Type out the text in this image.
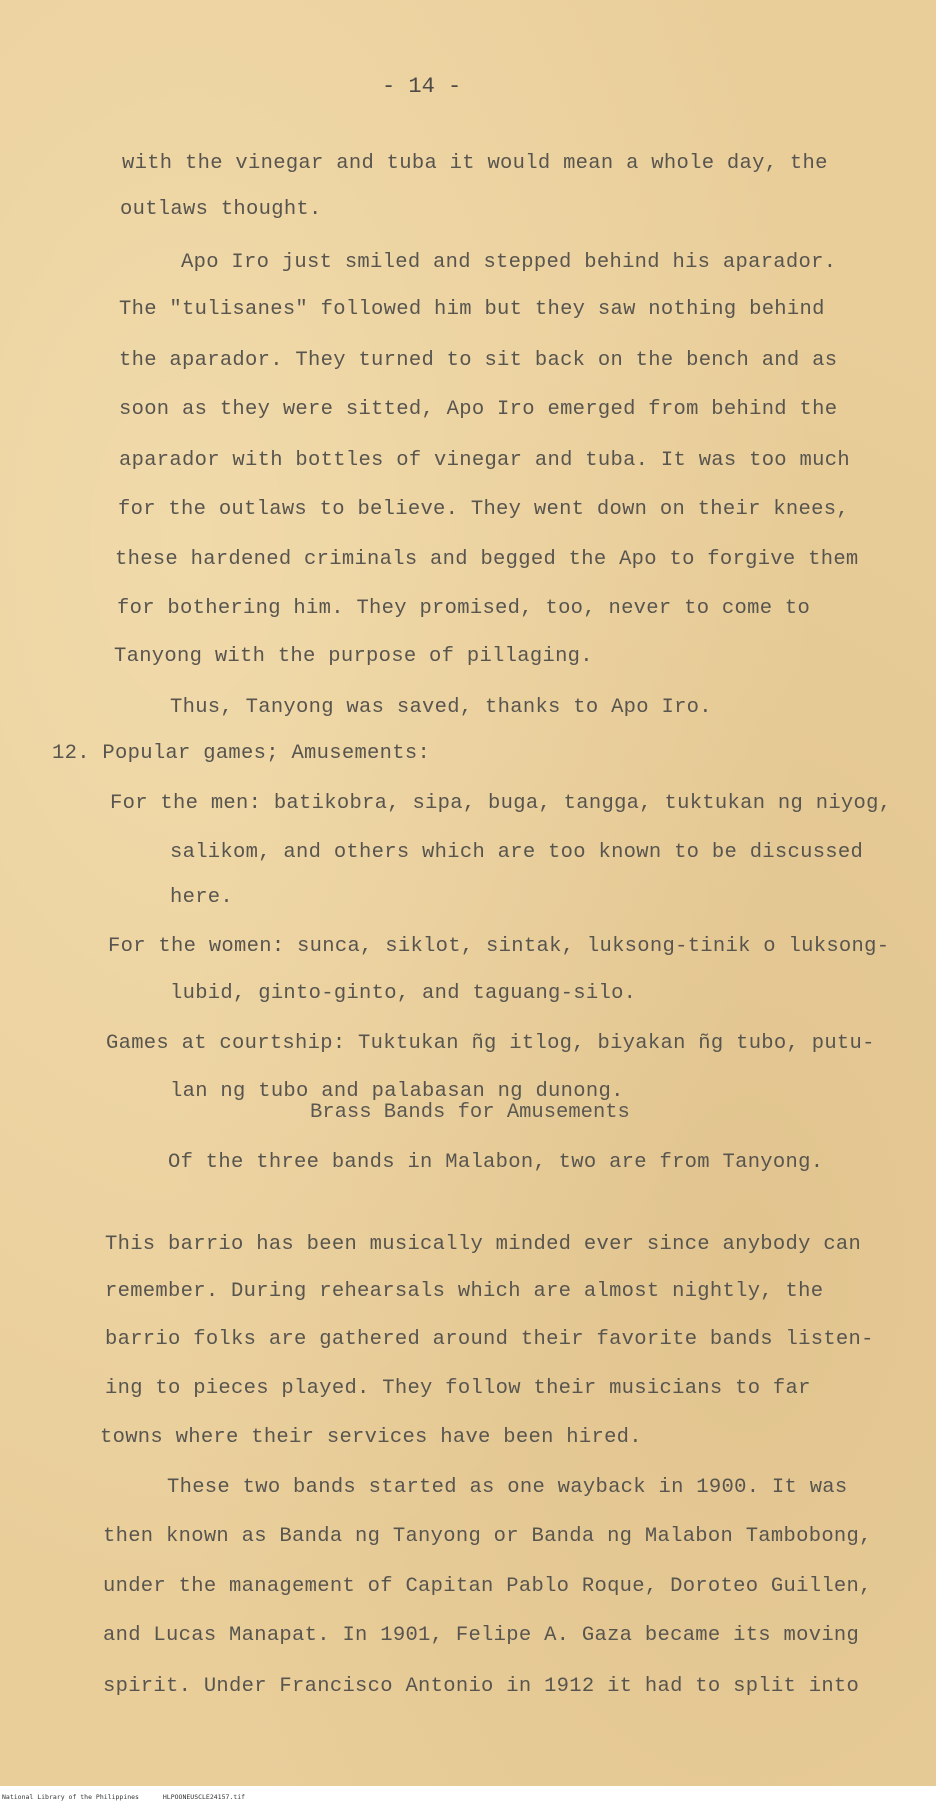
- 14 -
with the vinegar and tuba it would mean a whole day, the
outlaws thought.
Apo Iro just smiled and stepped behind his aparador.
The "tulisanes" followed him but they saw nothing behind
the aparador. They turned to sit back on the bench and as
soon as they were sitted, Apo Iro emerged from behind the
aparador with bottles of vinegar and tuba. It was too much
for the outlaws to believe. They went down on their knees,
these hardened criminals and begged the Apo to forgive them
for bothering him. They promised, too, never to come to
Tanyong with the purpose of pillaging.
Thus, Tanyong was saved, thanks to Apo Iro.
12. Popular games; Amusements:
For the men: batikobra, sipa, buga, tangga, tuktukan ng niyog,
salikom, and others which are too known to be discussed
here.
For the women: sunca, siklot, sintak, luksong-tinik o luksong-
lubid, ginto-ginto, and taguang-silo.
Games at courtship: Tuktukan ñg itlog, biyakan ñg tubo, putu-
lan ng tubo and palabasan ng dunong.
Brass Bands for Amusements
Of the three bands in Malabon, two are from Tanyong.
This barrio has been musically minded ever since anybody can
remember. During rehearsals which are almost nightly, the
barrio folks are gathered around their favorite bands listen-
ing to pieces played. They follow their musicians to far
towns where their services have been hired.
These two bands started as one wayback in 1900. It was
then known as Banda ng Tanyong or Banda ng Malabon Tambobong,
under the management of Capitan Pablo Roque, Doroteo Guillen,
and Lucas Manapat. In 1901, Felipe A. Gaza became its moving
spirit. Under Francisco Antonio in 1912 it had to split into
National Library of the Philippines	HLPOONEUSCLE24157.tif
